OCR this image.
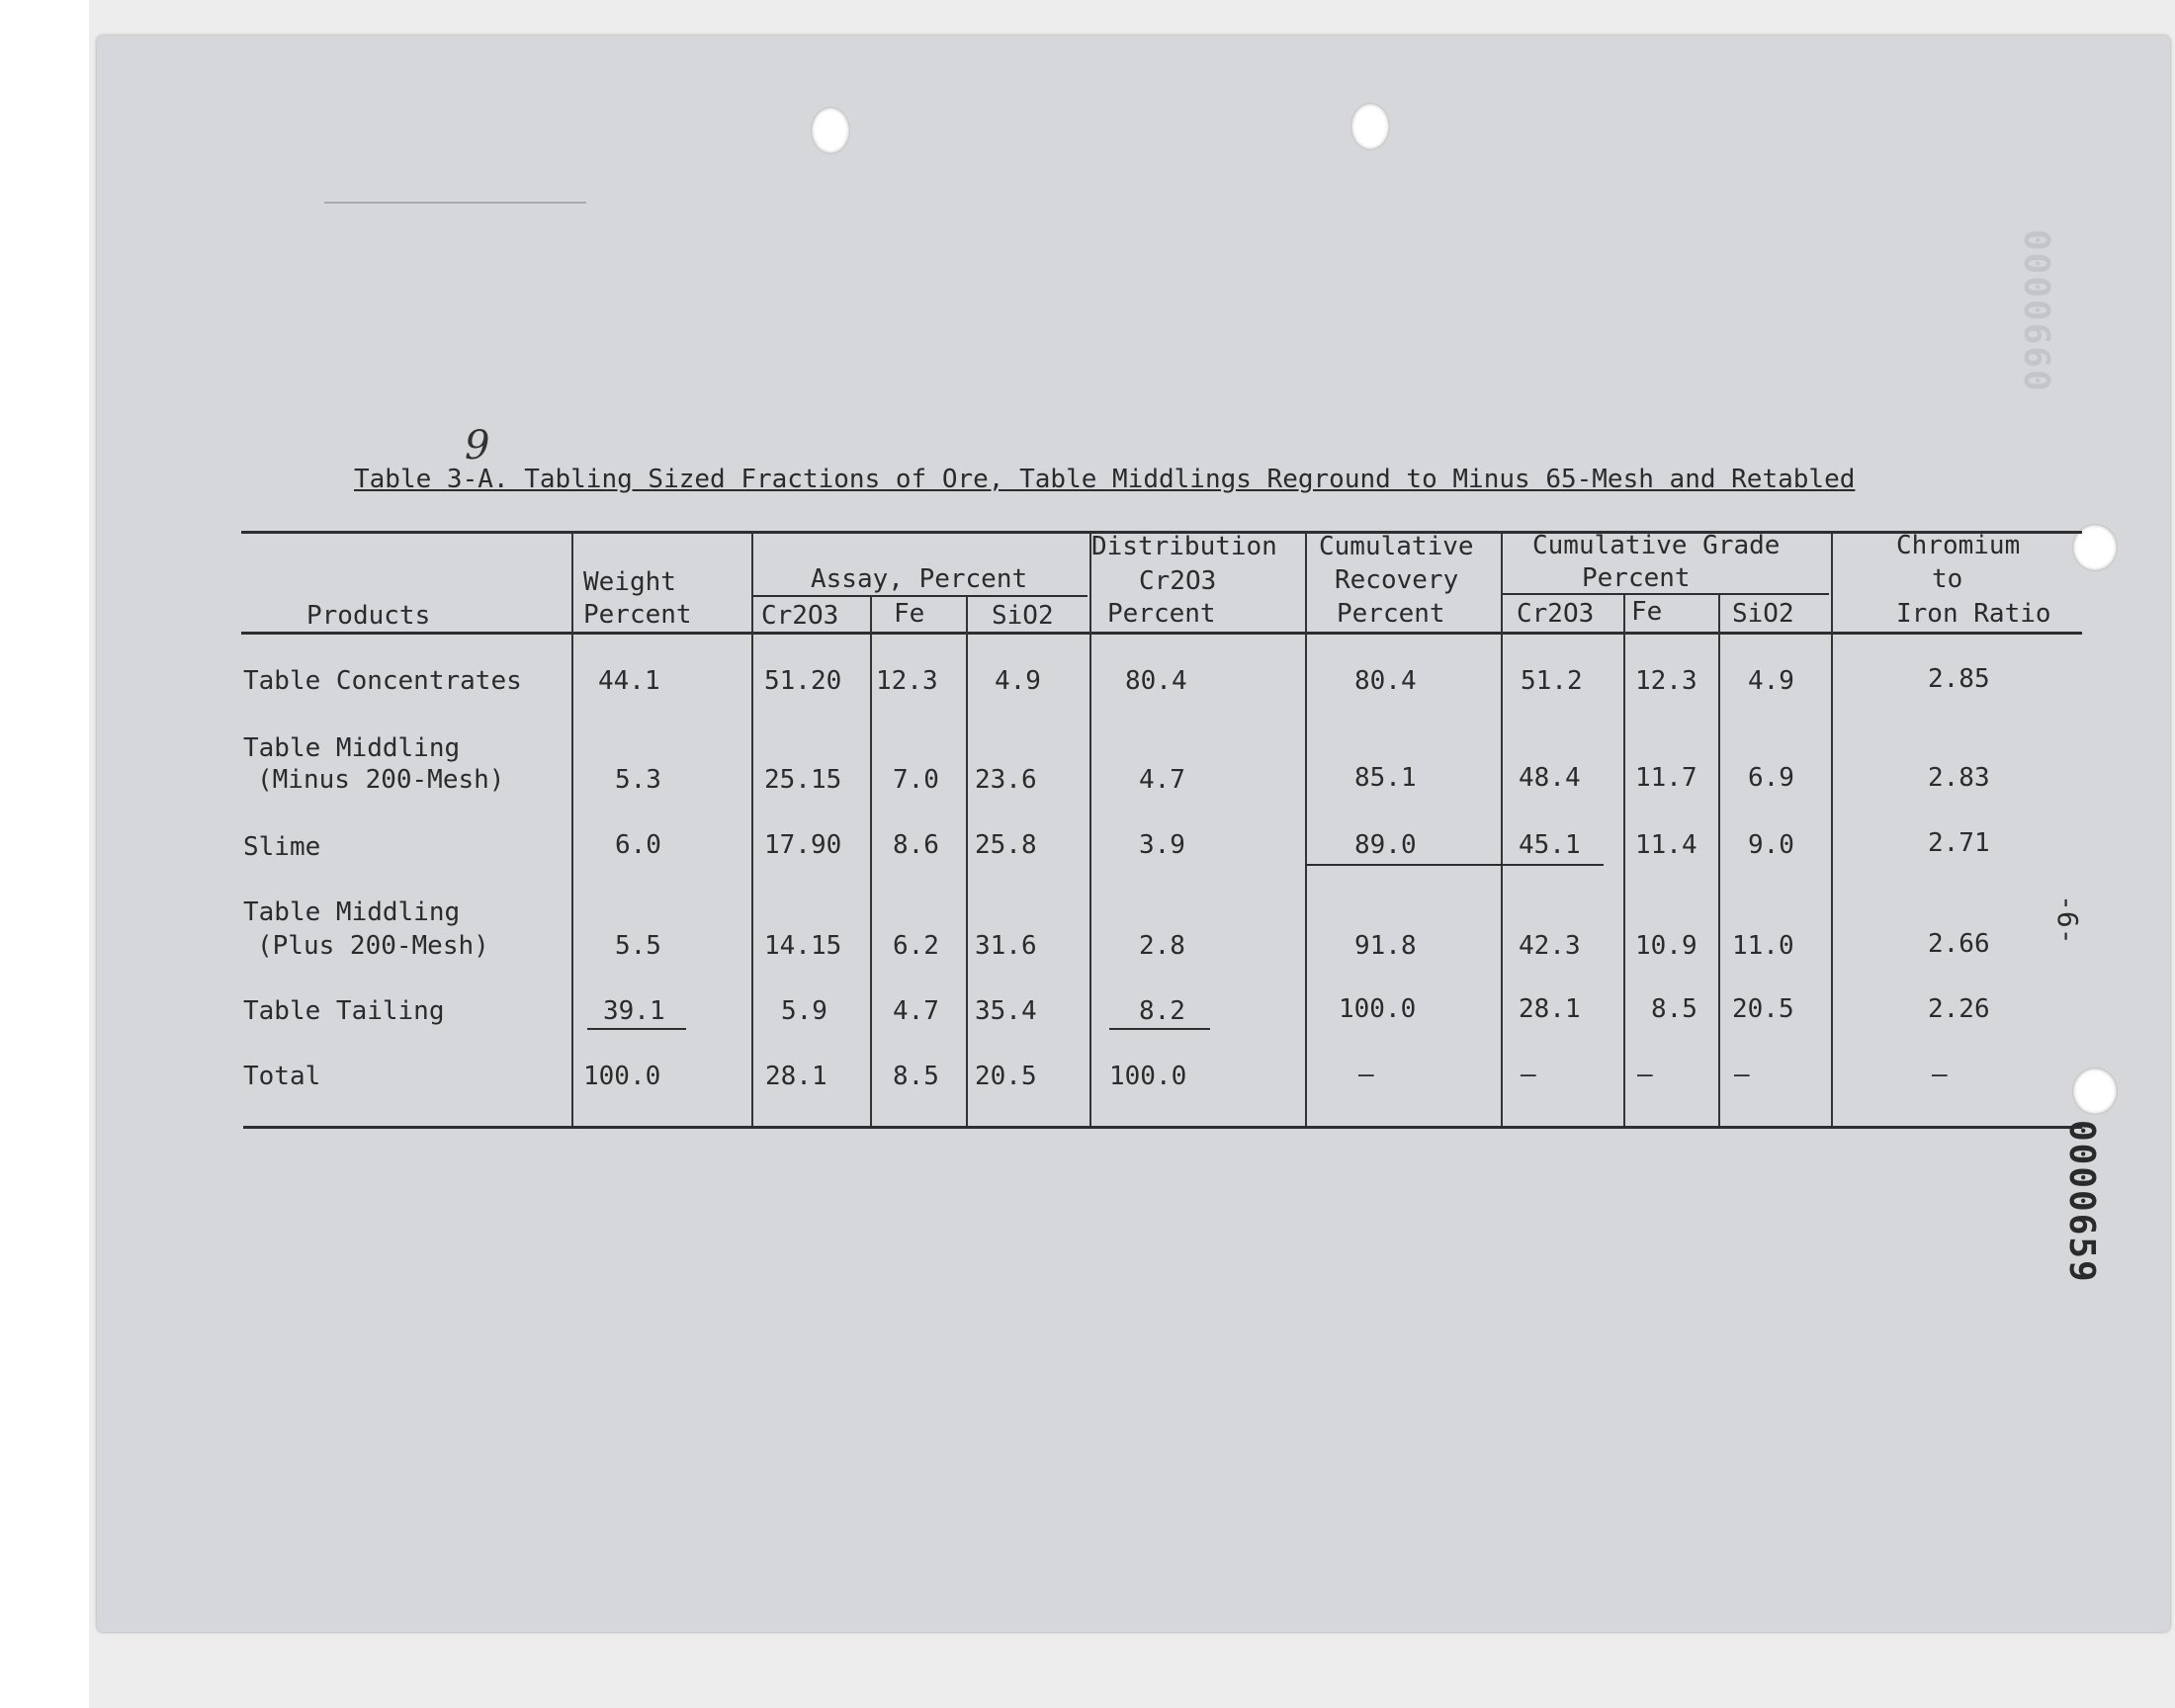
9
Table 3-A. Tabling Sized Fractions of Ore, Table Middlings Reground to Minus 65-Mesh and Retabled
Products
Weight
Percent
Assay, Percent
Cr2O3 Fe	SiO2
Distribution
Cr2O3
Percent
Cumulative
Recovery
Percent
Cumulative Grade
Percent
Cr2O3 Fe	SiO2
Chromium
to
Iron Ratio
Table Concentrates	44.1	51.20 12.3 4.9	80.4	80.4	51.2 12.3 4.9	2.85
Table Middling
(Minus 200-Mesh)	5.3	25.15 7.0 23.6	4.7	85.1	48.4 11.7 6.9	2.83
Slime	6.0	17.90 8.6 25.8	3.9	89.0	45.1 11.4 9.0	2.71
Table Middling
(Plus 200-Mesh)	5.5	14.15 6.2 31.6	2.8	91.8	42.3 10.9 11.0	2.66
Table Tailing	39.1	5.9	4.7 35.4	8.2	100.0	28.1	8.5 20.5	2.26
Total	100.0	28.1	8.5 20.5	100.0	—	—	—	—	—
-6-
0000660
0000659
